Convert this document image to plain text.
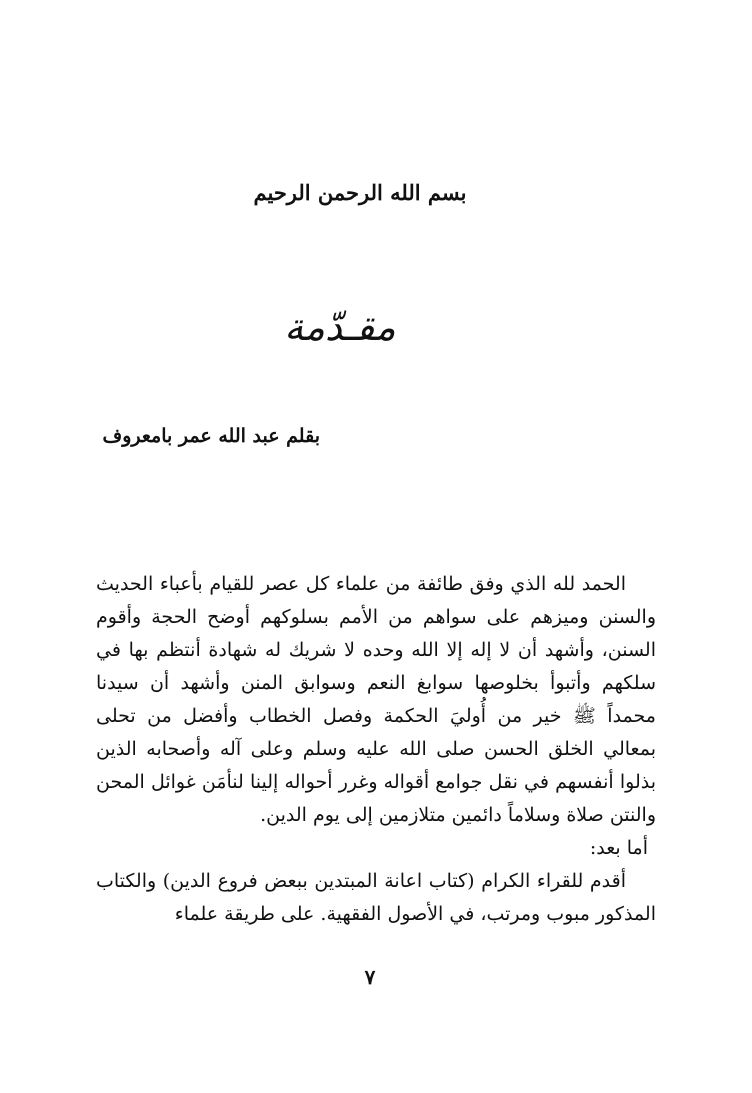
بسم الله الرحمن الرحيم
مقـدّمة
بقلم عبد الله عمر بامعروف

الحمد لله الذي وفق طائفة من علماء كل عصر للقيام بأعباء الحديث والسنن وميزهم على سواهم من الأمم بسلوكهم أوضح الحجة وأقوم السنن، وأشهد أن لا إله إلا الله وحده لا شريك له شهادة أنتظم بها في سلكهم وأتبوأ بخلوصها سوابغ النعم وسوابق المنن وأشهد أن سيدنا محمداً ﷺ خير من أُوليَ الحكمة وفصل الخطاب وأفضل من تحلى بمعالي الخلق الحسن صلى الله عليه وسلم وعلى آله وأصحابه الذين بذلوا أنفسهم في نقل جوامع أقواله وغرر أحواله إلينا لنأمَن غوائل المحن والنتن صلاة وسلاماً دائمين متلازمين إلى يوم الدين.

أما بعد:

أقدم للقراء الكرام (كتاب اعانة المبتدين ببعض فروع الدين) والكتاب المذكور مبوب ومرتب، في الأصول الفقهية. على طريقة علماء

٧
